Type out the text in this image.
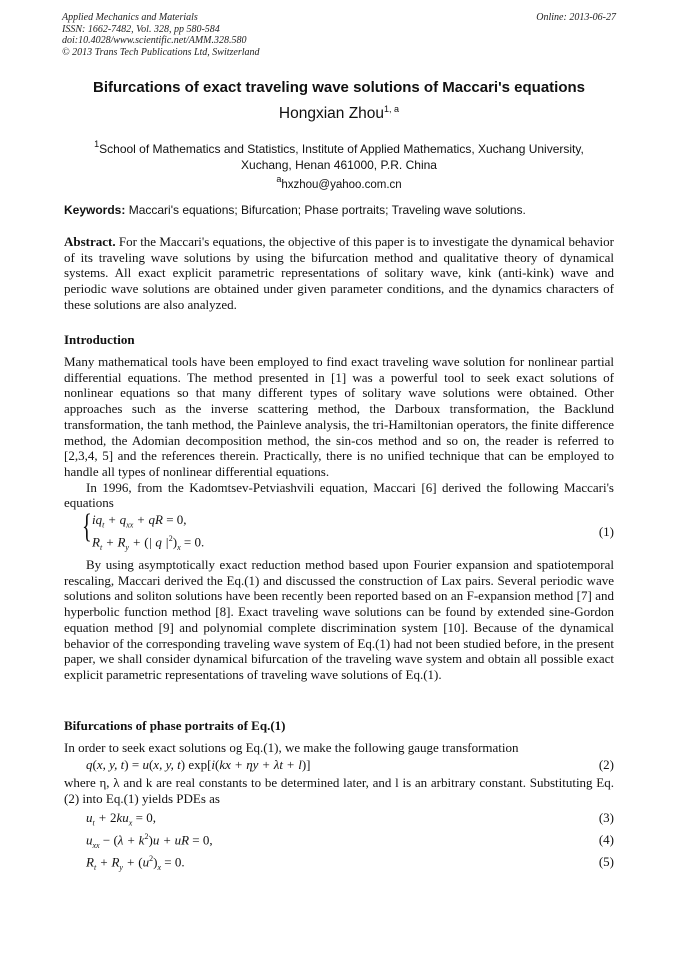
Applied Mechanics and Materials
ISSN: 1662-7482, Vol. 328, pp 580-584
doi:10.4028/www.scientific.net/AMM.328.580
© 2013 Trans Tech Publications Ltd, Switzerland
Online: 2013-06-27
Bifurcations of exact traveling wave solutions of Maccari's equations
Hongxian Zhou$^{1, a}$
$^1$School of Mathematics and Statistics, Institute of Applied Mathematics, Xuchang University,
Xuchang, Henan 461000, P.R. China
$^a$hxzhou@yahoo.com.cn
Keywords: Maccari's equations; Bifurcation; Phase portraits; Traveling wave solutions.
Abstract. For the Maccari's equations, the objective of this paper is to investigate the dynamical behavior of its traveling wave solutions by using the bifurcation method and qualitative theory of dynamical systems. All exact explicit parametric representations of solitary wave, kink (anti-kink) wave and periodic wave solutions are obtained under given parameter conditions, and the dynamics characters of these solutions are also analyzed.
Introduction
Many mathematical tools have been employed to find exact traveling wave solution for nonlinear partial differential equations. The method presented in [1] was a powerful tool to seek exact solutions of nonlinear equations so that many different types of solitary wave solutions were obtained. Other approaches such as the inverse scattering method, the Darboux transformation, the Backlund transformation, the tanh method, the Painleve analysis, the tri-Hamiltonian operators, the finite difference method, the Adomian decomposition method, the sin-cos method and so on, the reader is referred to [2,3,4, 5] and the references therein. Practically, there is no unified technique that can be employed to handle all types of nonlinear differential equations.
In 1996, from the Kadomtsev-Petviashvili equation, Maccari [6] derived the following Maccari's equations
{ $iq_t + q_{xx}$ + qR = 0,
$R_t + R_y$ + (| q $|^2)_x = 0$.
(1)
By using asymptotically exact reduction method based upon Fourier expansion and spatiotemporal rescaling, Maccari derived the Eq.(1) and discussed the construction of Lax pairs. Several periodic wave solutions and soliton solutions have been recently been reported based on an F-expansion method [7] and hyperbolic function method [8]. Exact traveling wave solutions can be found by extended sine-Gordon equation method [9] and polynomial complete discrimination system [10]. Because of the dynamical behavior of the corresponding traveling wave system of Eq.(1) had not been studied before, in the present paper, we shall consider dynamical bifurcation of the traveling wave system and obtain all possible exact explicit parametric representations of traveling wave solutions of Eq.(1).
Bifurcations of phase portraits of Eq.(1)
In order to seek exact solutions og Eq.(1), we make the following gauge transformation
q(x, y, t) = u(x, y, t) exp[i(kx + ηy + λt + l)]	(2)
where η, λ and k are real constants to be determined later, and l is an arbitrary constant. Substituting Eq.(2) into Eq.(1) yields PDEs as
$u_t + 2ku_x = 0$,	(3)
$u_{xx} - (\lambda + k^2)u$ + uR = 0,	(4)
$R_t + R_y + (u^2)_x = 0$.	(5)
